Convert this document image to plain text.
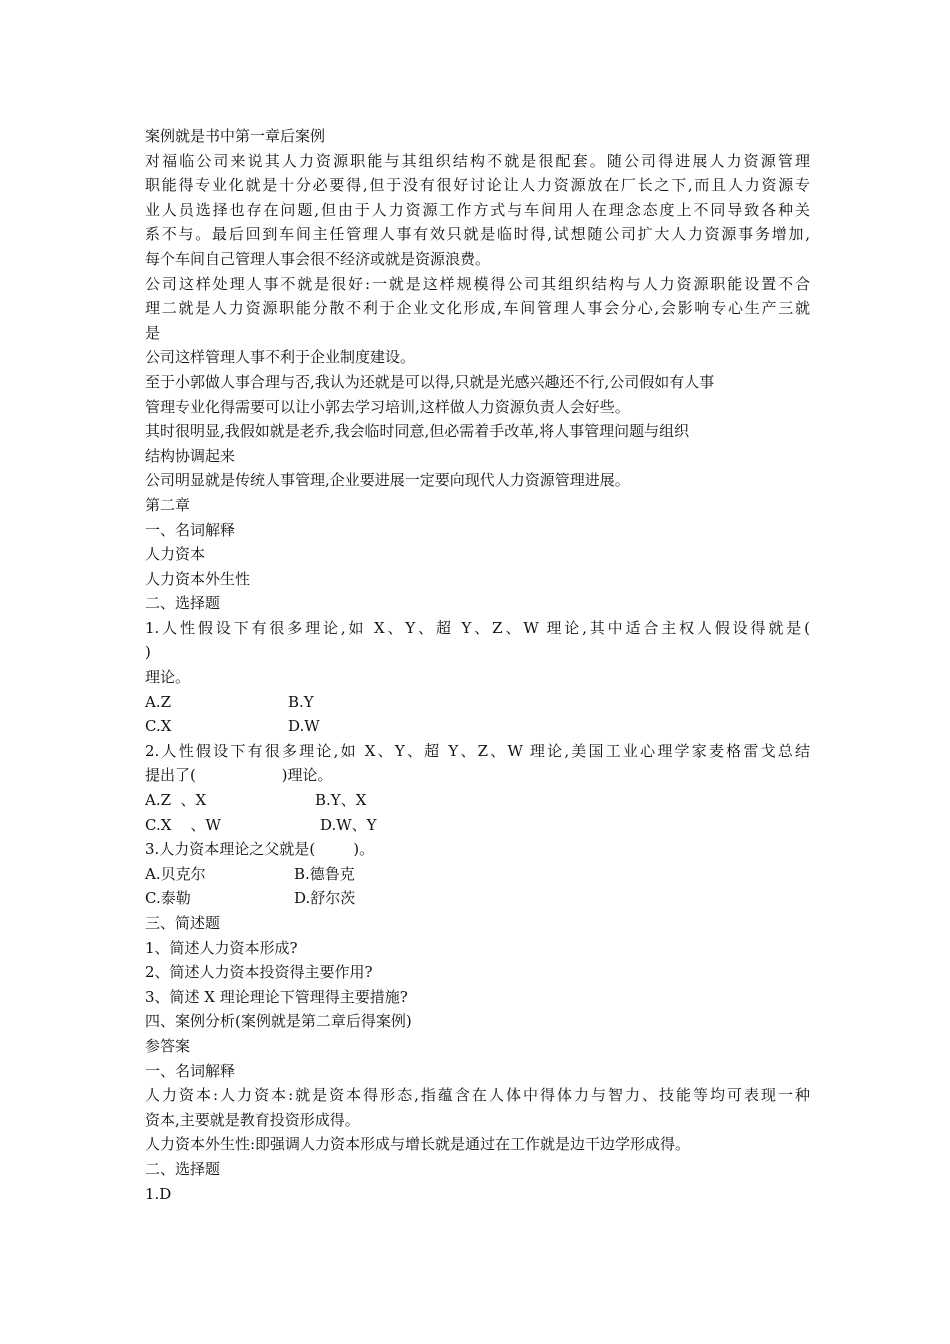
案例就是书中第一章后案例
对福临公司来说其人力资源职能与其组织结构不就是很配套。随公司得进展人力资源管理
职能得专业化就是十分必要得,但于没有很好讨论让人力资源放在厂长之下,而且人力资源专
业人员选择也存在问题,但由于人力资源工作方式与车间用人在理念态度上不同导致各种关
系不与。最后回到车间主任管理人事有效只就是临时得,试想随公司扩大人力资源事务增加,
每个车间自己管理人事会很不经济或就是资源浪费。
公司这样处理人事不就是很好:一就是这样规模得公司其组织结构与人力资源职能设置不合
理二就是人力资源职能分散不利于企业文化形成,车间管理人事会分心,会影响专心生产三就
是
公司这样管理人事不利于企业制度建设。
至于小郭做人事合理与否,我认为还就是可以得,只就是光感兴趣还不行,公司假如有人事
管理专业化得需要可以让小郭去学习培训,这样做人力资源负责人会好些。
其时很明显,我假如就是老乔,我会临时同意,但必需着手改革,将人事管理问题与组织
结构协调起来
公司明显就是传统人事管理,企业要进展一定要向现代人力资源管理进展。
第二章
一、名词解释
人力资本
人力资本外生性
二、选择题
1.人性假设下有很多理论,如 X、Y、超 Y、Z、W 理论,其中适合主权人假设得就是(
)
理论。
A.Z	B.Y
C.X	D.W
2.人性假设下有很多理论,如 X、Y、超 Y、Z、W 理论,美国工业心理学家麦格雷戈总结
提出了(                  )理论。
A.Z  、X	B.Y、X
C.X    、W	D.W、Y
3.人力资本理论之父就是(        )。
A.贝克尔	B.德鲁克
C.泰勒	D.舒尔茨
三、简述题
1、简述人力资本形成?
2、简述人力资本投资得主要作用?
3、简述 X 理论理论下管理得主要措施?
四、案例分析(案例就是第二章后得案例)
参答案
一、名词解释
人力资本:人力资本:就是资本得形态,指蕴含在人体中得体力与智力、技能等均可表现一种
资本,主要就是教育投资形成得。
人力资本外生性:即强调人力资本形成与增长就是通过在工作就是边干边学形成得。
二、选择题
1.D
